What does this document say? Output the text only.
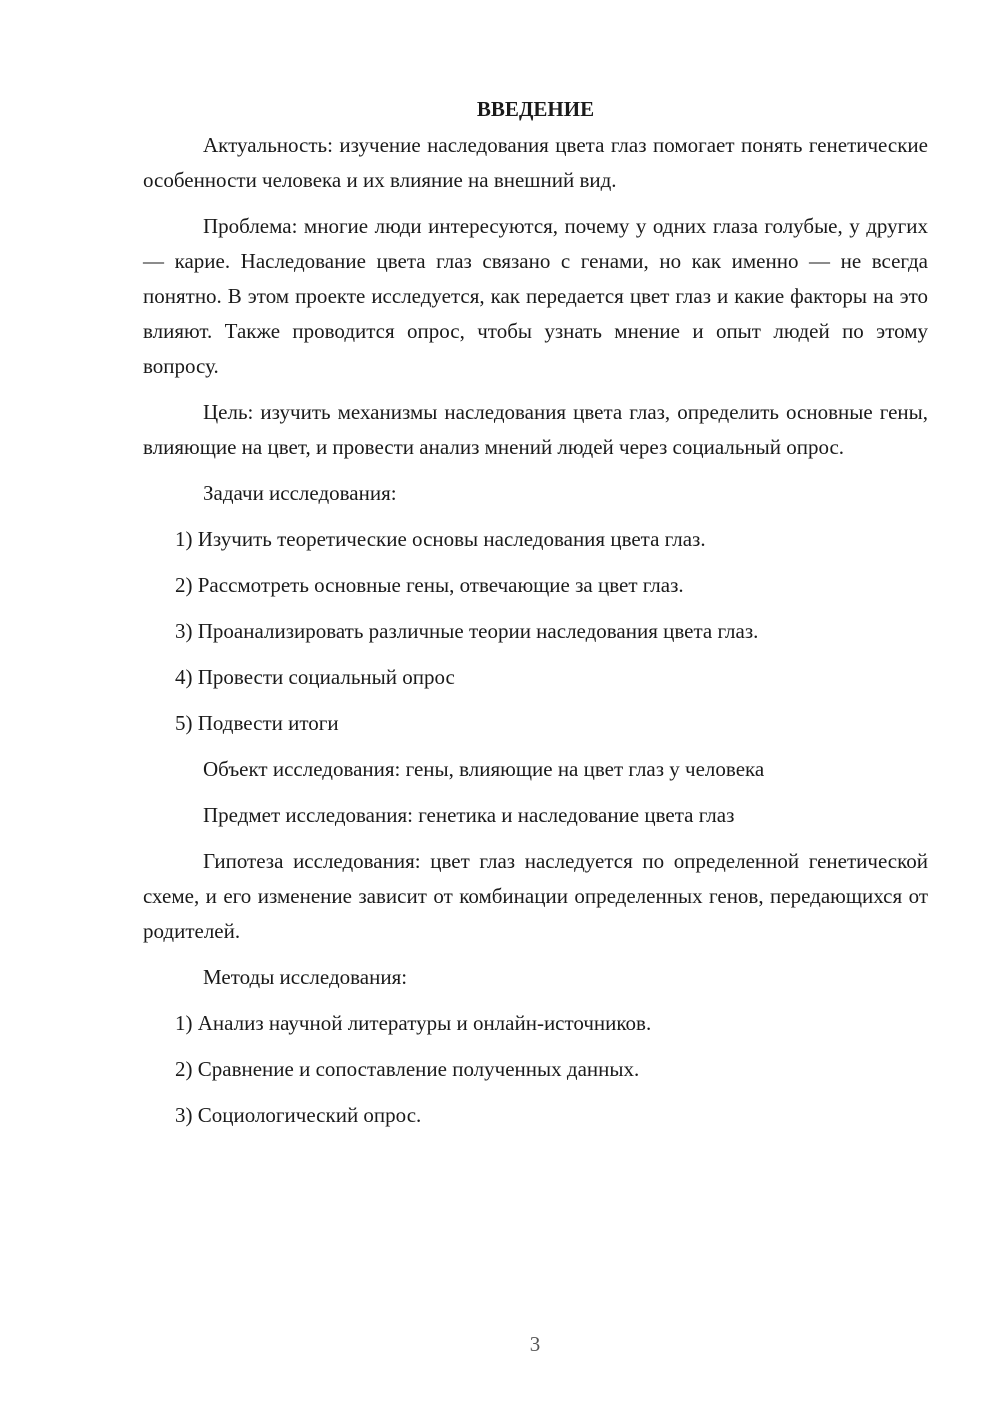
ВВЕДЕНИЕ

Актуальность: изучение наследования цвета глаз помогает понять генетические особенности человека и их влияние на внешний вид.

Проблема: многие люди интересуются, почему у одних глаза голубые, у других — карие. Наследование цвета глаз связано с генами, но как именно — не всегда понятно. В этом проекте исследуется, как передается цвет глаз и какие факторы на это влияют. Также проводится опрос, чтобы узнать мнение и опыт людей по этому вопросу.

Цель: изучить механизмы наследования цвета глаз, определить основные гены, влияющие на цвет, и провести анализ мнений людей через социальный опрос.

Задачи исследования:
1) Изучить теоретические основы наследования цвета глаз.
2) Рассмотреть основные гены, отвечающие за цвет глаз.
3) Проанализировать различные теории наследования цвета глаз.
4) Провести социальный опрос
5) Подвести итоги
Объект исследования: гены, влияющие на цвет глаз у человека
Предмет исследования: генетика и наследование цвета глаз

Гипотеза исследования: цвет глаз наследуется по определенной генетической схеме, и его изменение зависит от комбинации определенных генов, передающихся от родителей.

Методы исследования:
1) Анализ научной литературы и онлайн-источников.
2) Сравнение и сопоставление полученных данных.
3) Социологический опрос.
3
